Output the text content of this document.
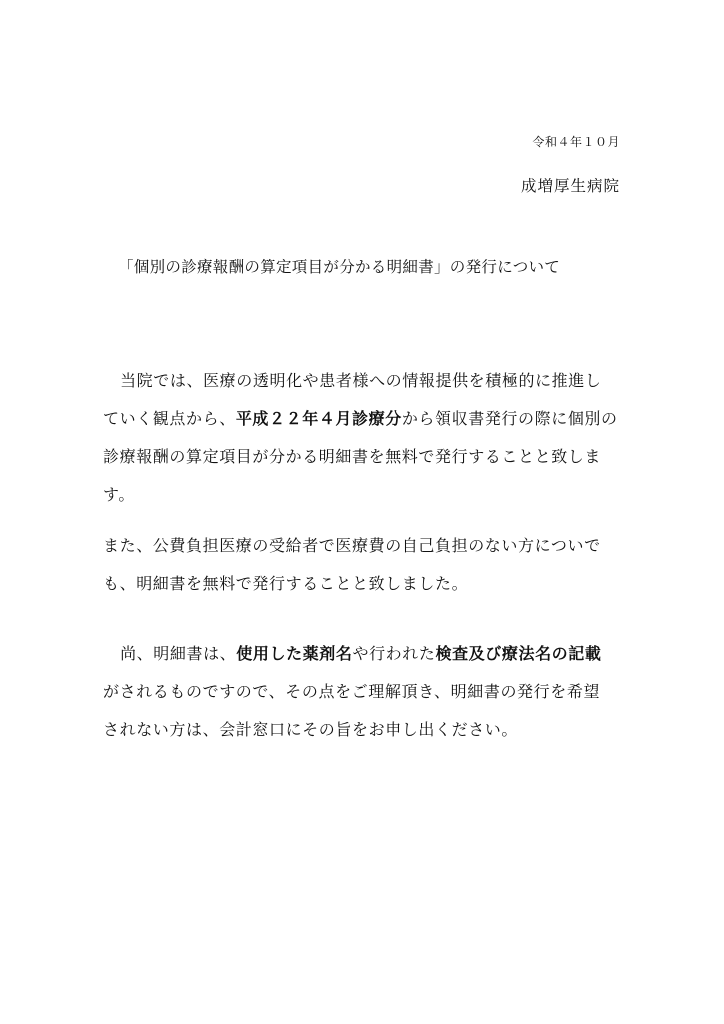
令和４年１０月
成増厚生病院
「個別の診療報酬の算定項目が分かる明細書」の発行について
当院では、医療の透明化や患者様への情報提供を積極的に推進し
ていく観点から、平成２２年４月診療分から領収書発行の際に個別の
診療報酬の算定項目が分かる明細書を無料で発行することと致しま
す。
また、公費負担医療の受給者で医療費の自己負担のない方についで
も、明細書を無料で発行することと致しました。
尚、明細書は、使用した薬剤名や行われた検査及び療法名の記載
がされるものですので、その点をご理解頂き、明細書の発行を希望
されない方は、会計窓口にその旨をお申し出ください。
